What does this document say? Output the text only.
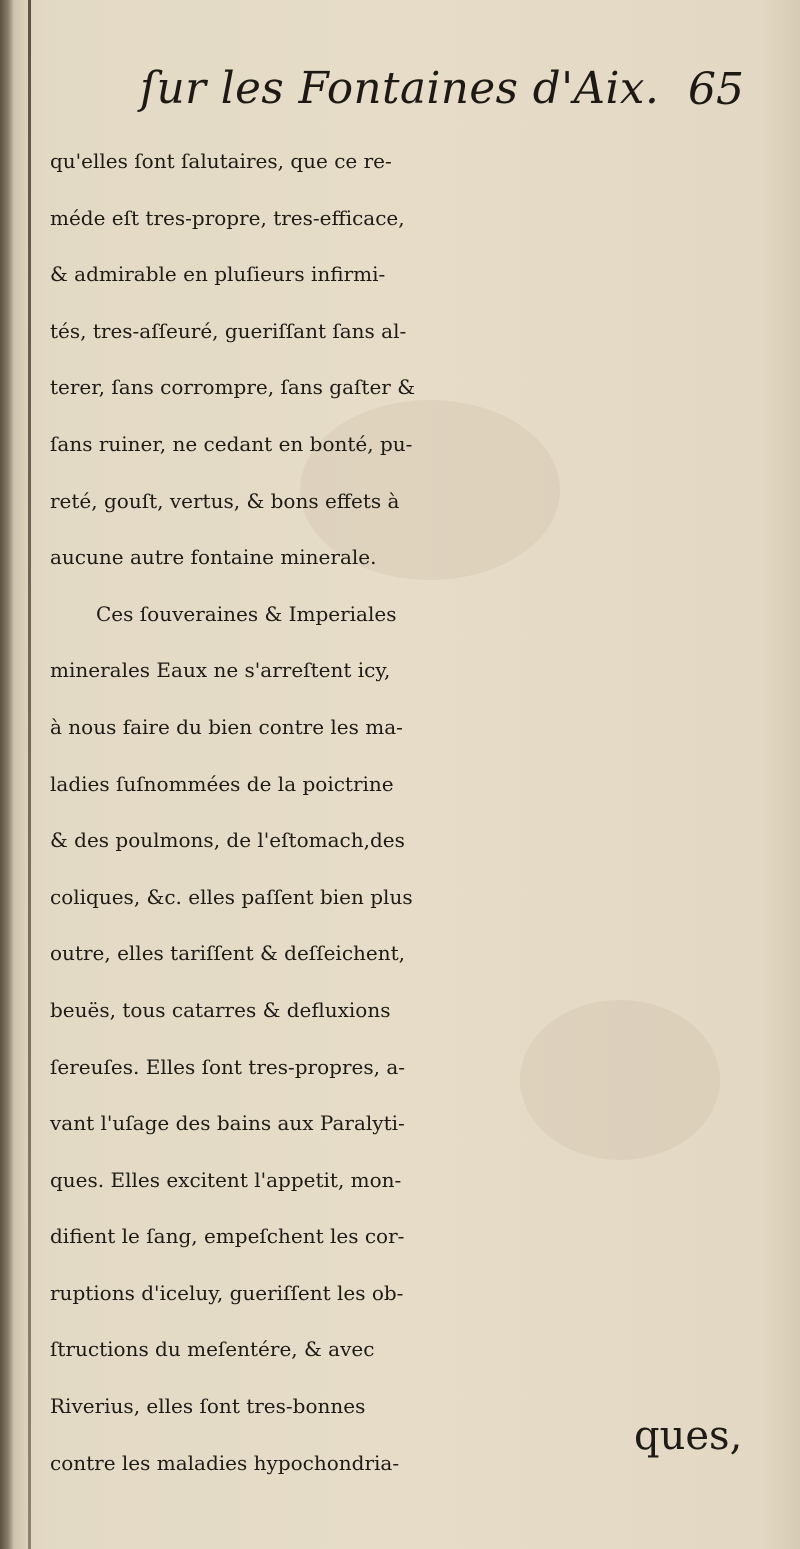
ſur les Fontaines d'Aix. 65
qu'elles ſont ſalutaires, que ce re-
méde eſt tres-propre, tres-efficace,
& admirable en pluſieurs infirmi-
tés, tres-aſſeuré, gueriſſant ſans al-
terer, ſans corrompre, ſans gaſter &
ſans ruiner, ne cedant en bonté, pu-
reté, gouſt, vertus, & bons effets à
aucune autre fontaine minerale.
Ces ſouveraines & Imperiales
minerales Eaux ne s'arreſtent icy,
à nous faire du bien contre les ma-
ladies ſuſnommées de la poictrine
& des poulmons, de l'eſtomach,des
coliques, &c. elles paſſent bien plus
outre, elles tariſſent & deſſeichent,
beuës, tous catarres & defluxions
ſereuſes. Elles ſont tres-propres, a-
vant l'uſage des bains aux Paralyti-
ques. Elles excitent l'appetit, mon-
difient le ſang, empeſchent les cor-
ruptions d'iceluy, gueriſſent les ob-
ſtructions du meſentére, & avec
Riverius, elles ſont tres-bonnes
contre les maladies hypochondria-
ques,
